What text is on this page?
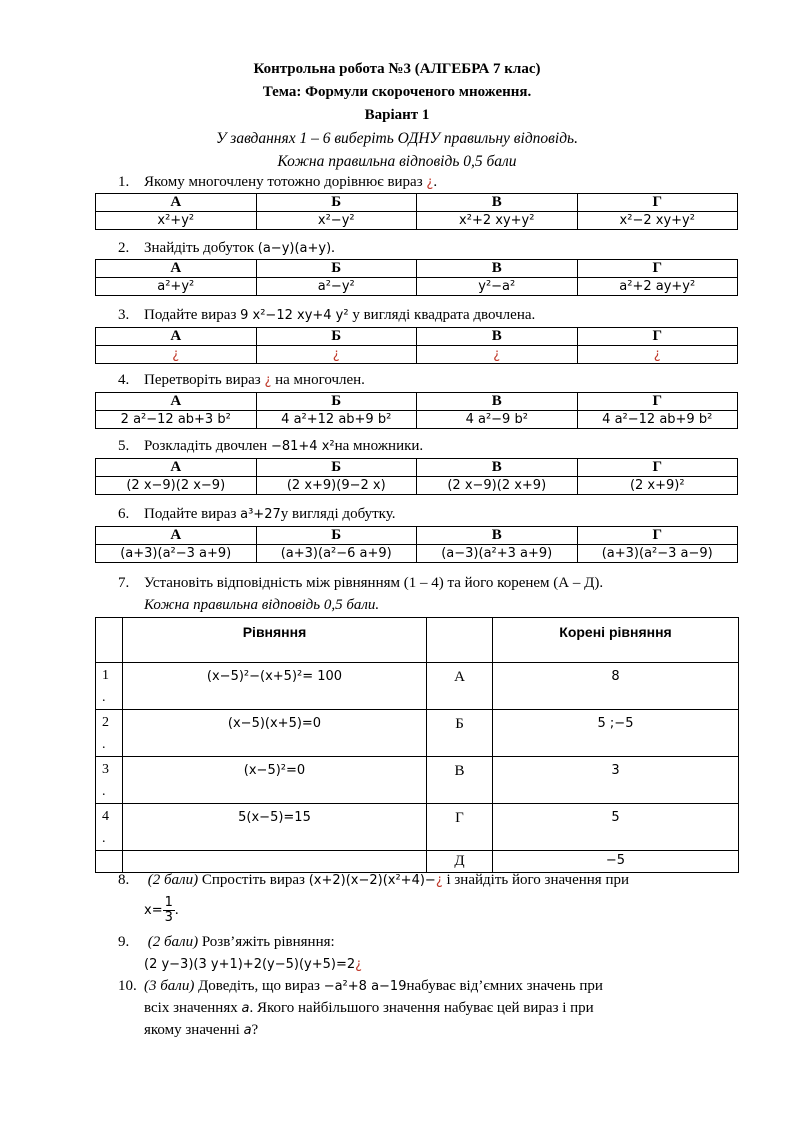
Контрольна робота №3 (АЛГЕБРА 7 клас)
Тема: Формули скороченого множення.
Варіант 1
У завданнях 1 – 6 виберіть ОДНУ правильну відповідь.
Кожна правильна відповідь 0,5 бали
1. Якому многочлену тотожно дорівнює вираз ¿.
А	Б	В	Г
x²+y²	x²−y²	x²+2 xy+y²	x²−2 xy+y²
2. Знайдіть добуток (a−y)(a+y).
А	Б	В	Г
a²+y²	a²−y²	y²−a²	a²+2 ay+y²
3. Подайте вираз 9 x²−12 xy+4 y² у вигляді квадрата двочлена.
А	Б	В	Г
¿	¿	¿	¿
4. Перетворіть вираз ¿ на многочлен.
А	Б	В	Г
2 a²−12 ab+3 b²	4 a²+12 ab+9 b²	4 a²−9 b²	4 a²−12 ab+9 b²
5. Розкладіть двочлен −81+4 x²на множники.
А	Б	В	Г
(2 x−9)(2 x−9)	(2 x+9)(9−2 x)	(2 x−9)(2 x+9)	(2 x+9)²
6. Подайте вираз a³+27у вигляді добутку.
А	Б	В	Г
(a+3)(a²−3 a+9)	(a+3)(a²−6 a+9)	(a−3)(a²+3 a+9)	(a+3)(a²−3 a−9)
7. Установіть відповідність між рівнянням (1 – 4) та його коренем (А – Д).
Кожна правильна відповідь 0,5 бали.
	Рівняння		Корені рівняння
1
.	(x−5)²−(x+5)²= 100	А	8
2
.	(x−5)(x+5)=0	Б	5 ;−5
3
.	(x−5)²=0	В	3
4
.	5(x−5)=15	Г	5
		Д	−5
8. (2 бали) Спростіть вираз (x+2)(x−2)(x²+4)−¿ і знайдіть його значення при
$x= \frac{1}{3}$ .
9. (2 бали) Розв’яжіть рівняння:
(2 y−3)(3 y+1)+2(y−5)(y+5)=2¿
10. (3 бали) Доведіть, що вираз −a²+8 a−19набуває від’ємних значень при
всіх значеннях a. Якого найбільшого значення набуває цей вираз і при
якому значенні a?
